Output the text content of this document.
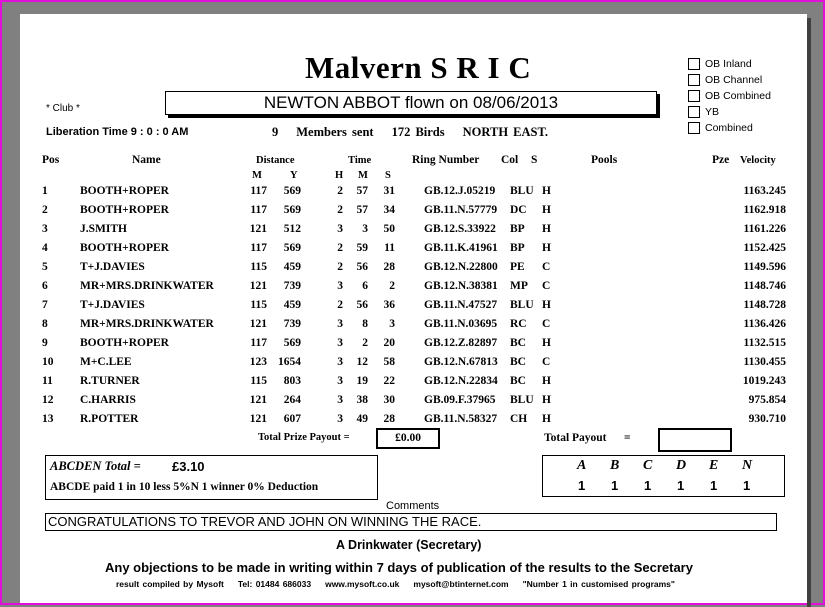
Malvern S R I C
NEWTON ABBOT flown on 08/06/2013
* Club *
Liberation Time 9 : 0 : 0 AM	9 Members sent 172 Birds NORTH EAST.
OB Inland
OB Channel
OB Combined
YB
Combined
Pos	Name	Distance	Time	Ring Number Col S	Pools	Pze Velocity
M	Y	H M S
1	BOOTH+ROPER	117	569	2	57	31	GB.12.J.05219	BLU H	1163.245
2	BOOTH+ROPER	117	569	2	57	34	GB.11.N.57779	DC	H	1162.918
3	J.SMITH	121	512	3	3	50	GB.12.S.33922	BP	H	1161.226
4	BOOTH+ROPER	117	569	2	59	11	GB.11.K.41961	BP	H	1152.425
5	T+J.DAVIES	115	459	2	56	28	GB.12.N.22800	PE	C	1149.596
6	MR+MRS.DRINKWATER	121	739	3	6	2	GB.12.N.38381	MP	C	1148.746
7	T+J.DAVIES	115	459	2	56	36	GB.11.N.47527	BLU H	1148.728
8	MR+MRS.DRINKWATER	121	739	3	8	3	GB.11.N.03695	RC	C	1136.426
9	BOOTH+ROPER	117	569	3	2	20	GB.12.Z.82897	BC	H	1132.515
10	M+C.LEE	123 1654	3	12	58	GB.12.N.67813	BC	C	1130.455
11	R.TURNER	115	803	3	19	22	GB.12.N.22834	BC	H	1019.243
12	C.HARRIS	121	264	3	38	30	GB.09.F.37965	BLU H	975.854
13	R.POTTER	121	607	3	49	28	GB.11.N.58327	CH	H	930.710
Total Prize Payout =	£0.00	Total Payout =
ABCDEN Total = £3.10
ABCDE paid 1 in 10 less 5%N 1 winner 0% Deduction
A
1
B
1
C
1
D
1
E
1
N
1
Comments
CONGRATULATIONS TO TREVOR AND JOHN ON WINNING THE RACE.
A Drinkwater (Secretary)
Any objections to be made in writing within 7 days of publication of the results to the Secretary
result compiled by Mysoft Tel: 01484 686033 www.mysoft.co.uk mysoft@btinternet.com "Number 1 in customised programs"
